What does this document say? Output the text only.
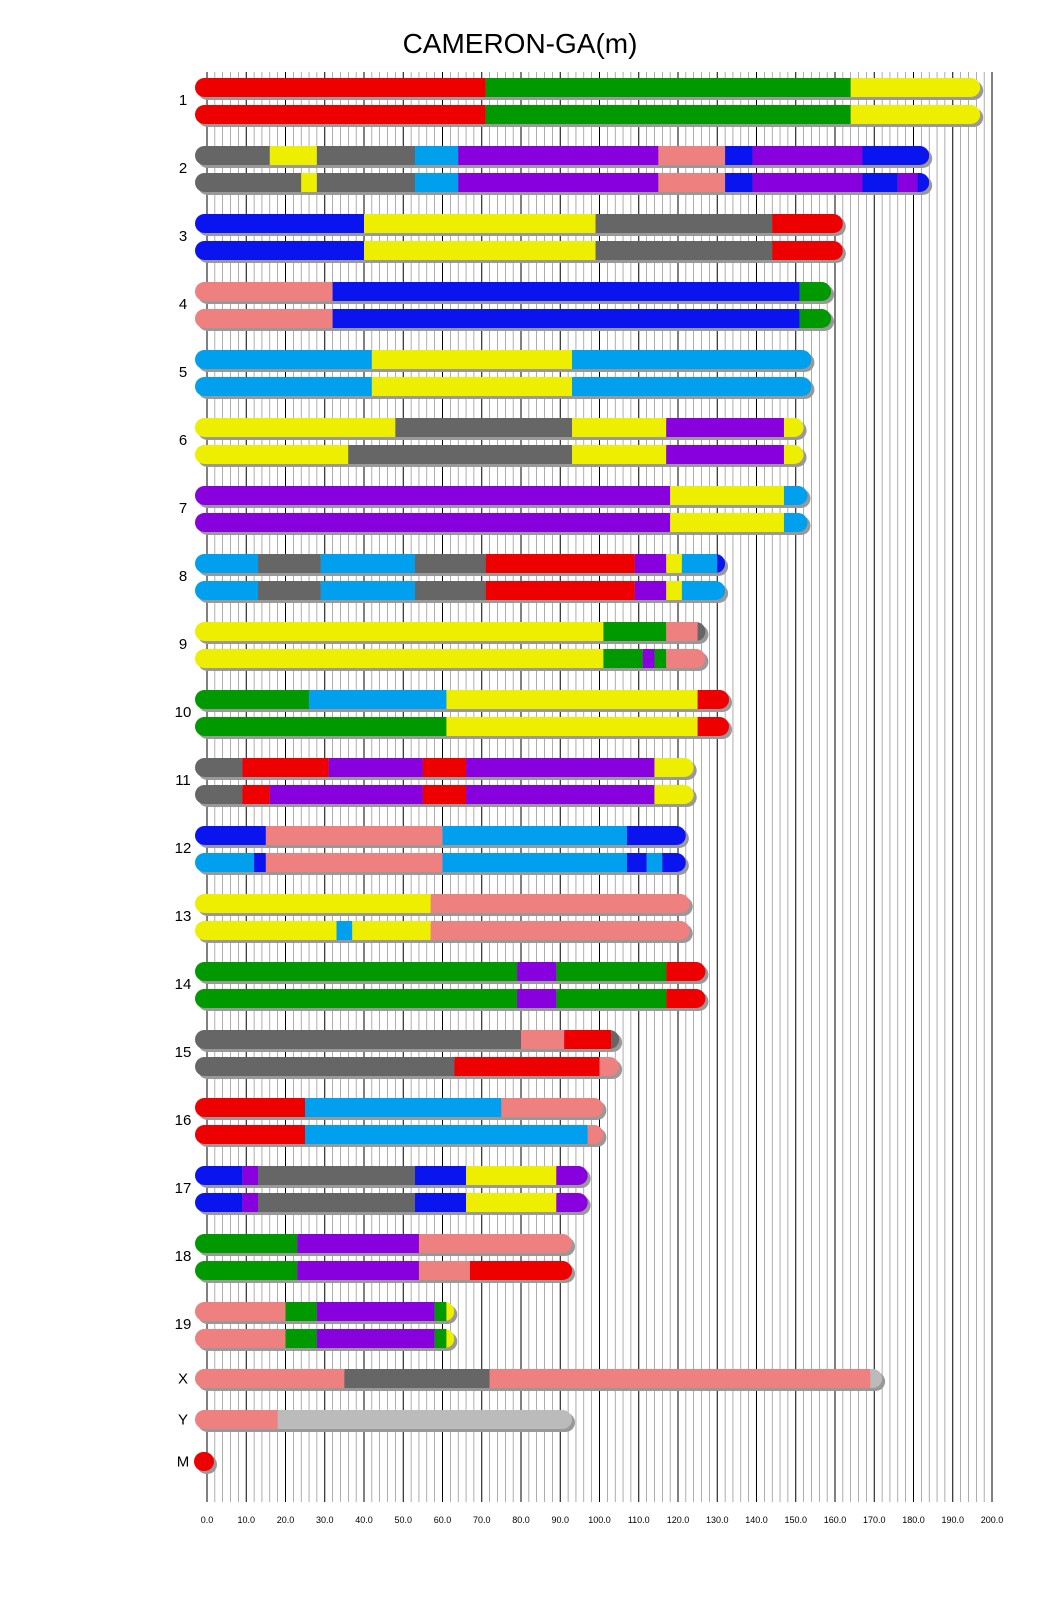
CAMERON-GA(m)
1
2
3
4
5
6
7
8
9
10
11
12
13
14
15
16
17
18
19
X
Y
M
0.0	10.0 20.0 30.0 40.0 50.0 60.0 70.0 80.0 90.0 100.0 110.0 120.0 130.0 140.0 150.0 160.0 170.0 180.0 190.0 200.0
